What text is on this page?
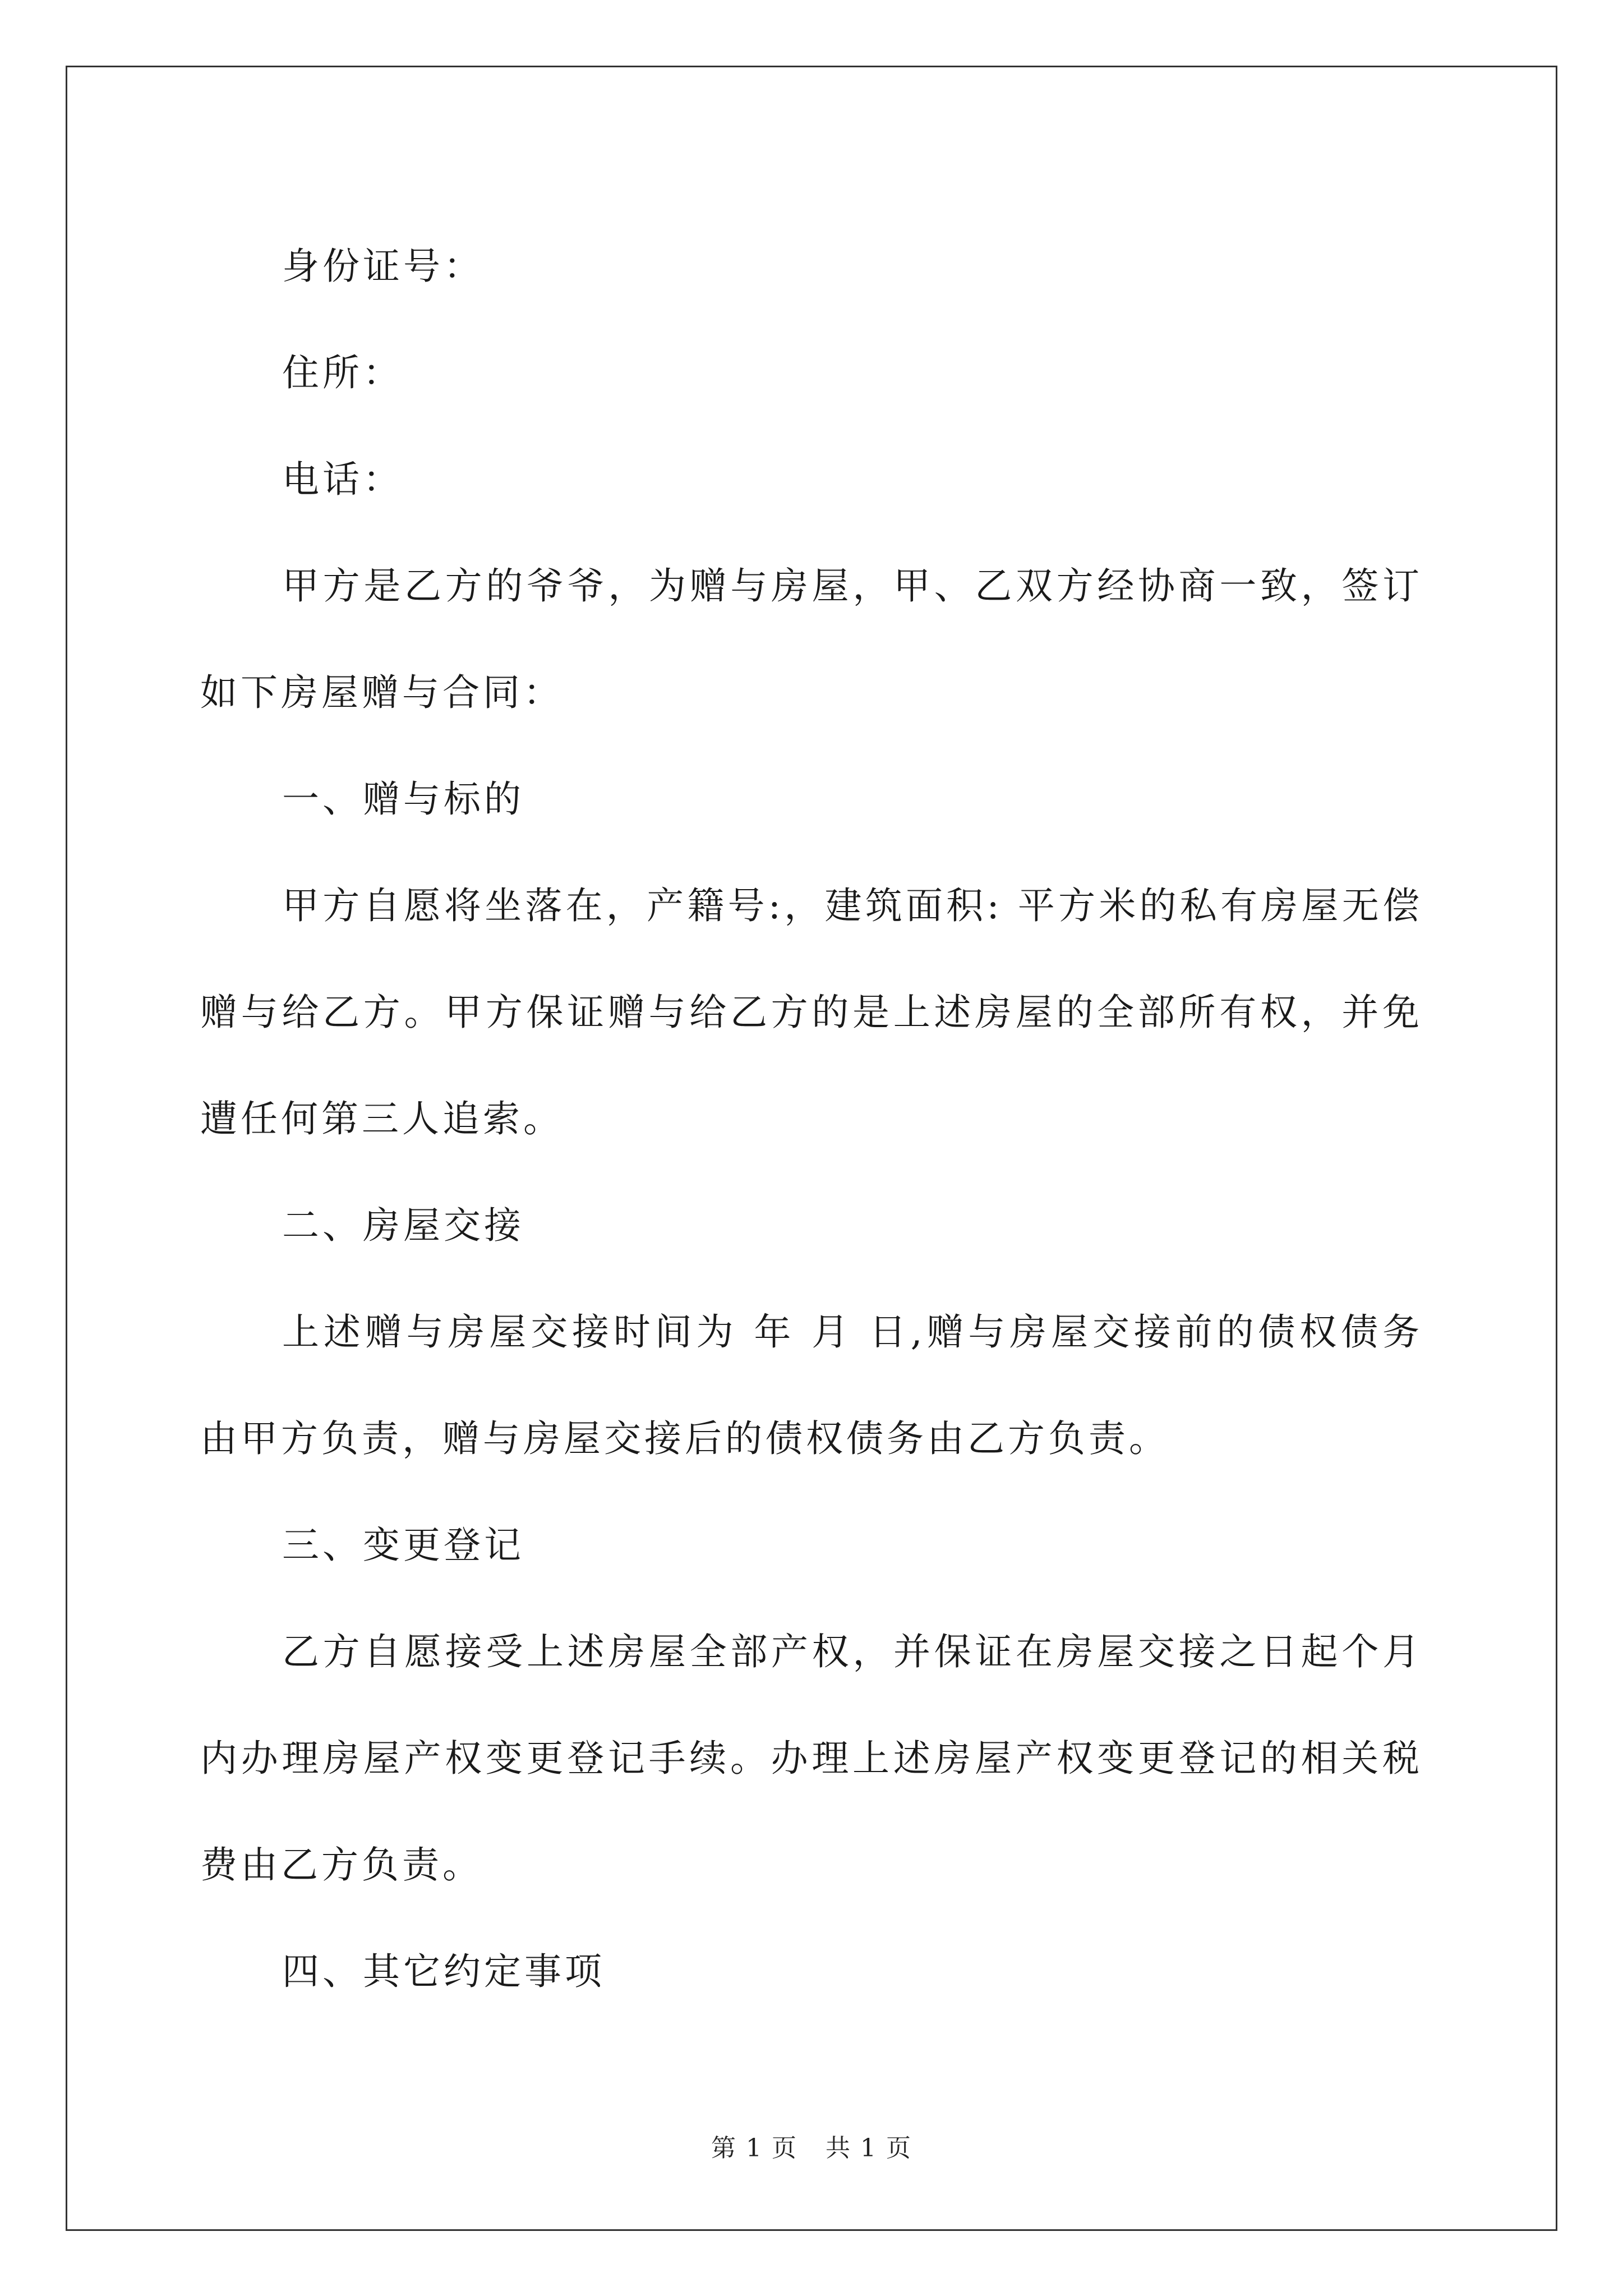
身份证号：

住所：

电话：

甲方是乙方的爷爷，为赠与房屋，甲、乙双方经协商一致，签订如下房屋赠与合同：

一、赠与标的

甲方自愿将坐落在，产籍号:，建筑面积: 平方米的私有房屋无偿赠与给乙方。甲方保证赠与给乙方的是上述房屋的全部所有权，并免遭任何第三人追索。

二、房屋交接

上述赠与房屋交接时间为 年 月 日,赠与房屋交接前的债权债务由甲方负责，赠与房屋交接后的债权债务由乙方负责。

三、变更登记

乙方自愿接受上述房屋全部产权，并保证在房屋交接之日起个月内办理房屋产权变更登记手续。办理上述房屋产权变更登记的相关税费由乙方负责。

四、其它约定事项

第 1 页 共 1 页
